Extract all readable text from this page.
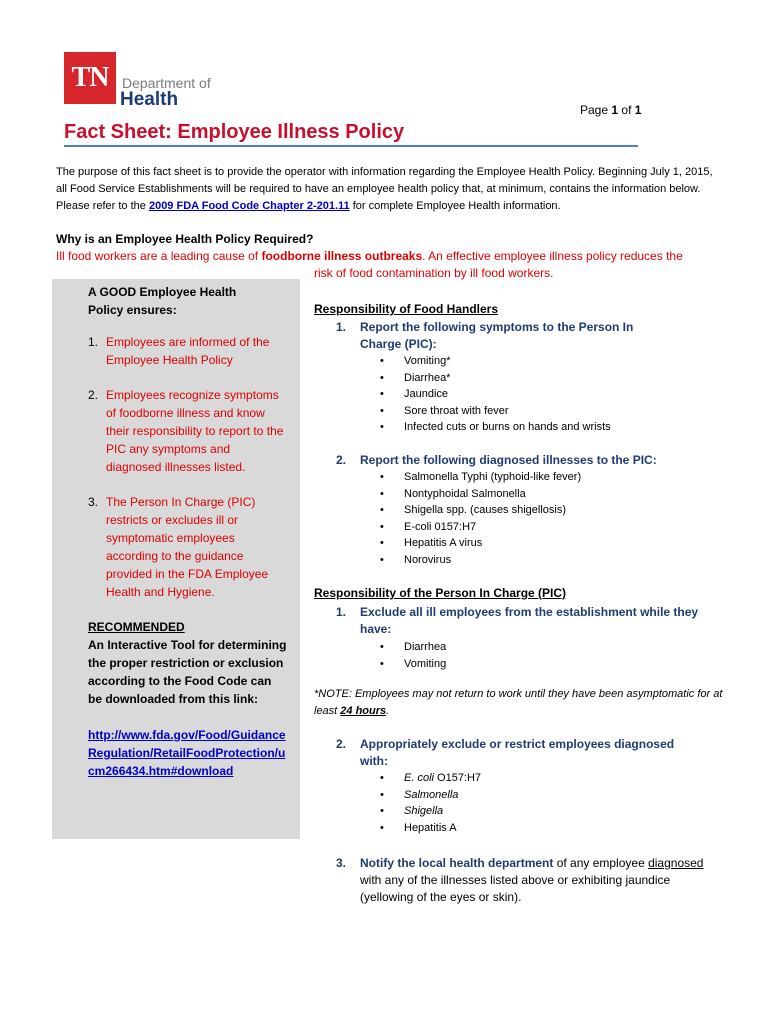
TN Department of
Health	Page 1 of 1
Fact Sheet: Employee Illness Policy
The purpose of this fact sheet is to provide the operator with information regarding the Employee Health Policy. Beginning July 1, 2015, all Food Service Establishments will be required to have an employee health policy that, at minimum, contains the information below. Please refer to the 2009 FDA Food Code Chapter 2-201.11 for complete Employee Health information.
Why is an Employee Health Policy Required?
Ill food workers are a leading cause of foodborne illness outbreaks. An effective employee illness policy reduces the
risk of food contamination by ill food workers.
A GOOD Employee Health
Policy ensures:
1. Employees are informed of the Employee Health Policy
2. Employees recognize symptoms of foodborne illness and know their responsibility to report to the PIC any symptoms and diagnosed illnesses listed.
3. The Person In Charge (PIC) restricts or excludes ill or symptomatic employees according to the guidance provided in the FDA Employee Health and Hygiene.
RECOMMENDED
An Interactive Tool for determining the proper restriction or exclusion according to the Food Code can be downloaded from this link:
http://www.fda.gov/Food/GuidanceRegulation/RetailFoodProtection/ucm266434.htm#download
Responsibility of Food Handlers
1.	Report the following symptoms to the Person In Charge (PIC):
• Vomiting*
• Diarrhea*
• Jaundice
• Sore throat with fever
• Infected cuts or burns on hands and wrists
2.	Report the following diagnosed illnesses to the PIC:
• Salmonella Typhi (typhoid-like fever)
• Nontyphoidal Salmonella
• Shigella spp. (causes shigellosis)
• E-coli 0157:H7
• Hepatitis A virus
• Norovirus
Responsibility of the Person In Charge (PIC)
1.	Exclude all ill employees from the establishment while they have:
• Diarrhea
• Vomiting
*NOTE: Employees may not return to work until they have been asymptomatic for at least 24 hours.
2.	Appropriately exclude or restrict employees diagnosed with:
• E. coli O157:H7
• Salmonella
• Shigella
• Hepatitis A
3.	Notify the local health department of any employee diagnosed with any of the illnesses listed above or exhibiting jaundice (yellowing of the eyes or skin).
